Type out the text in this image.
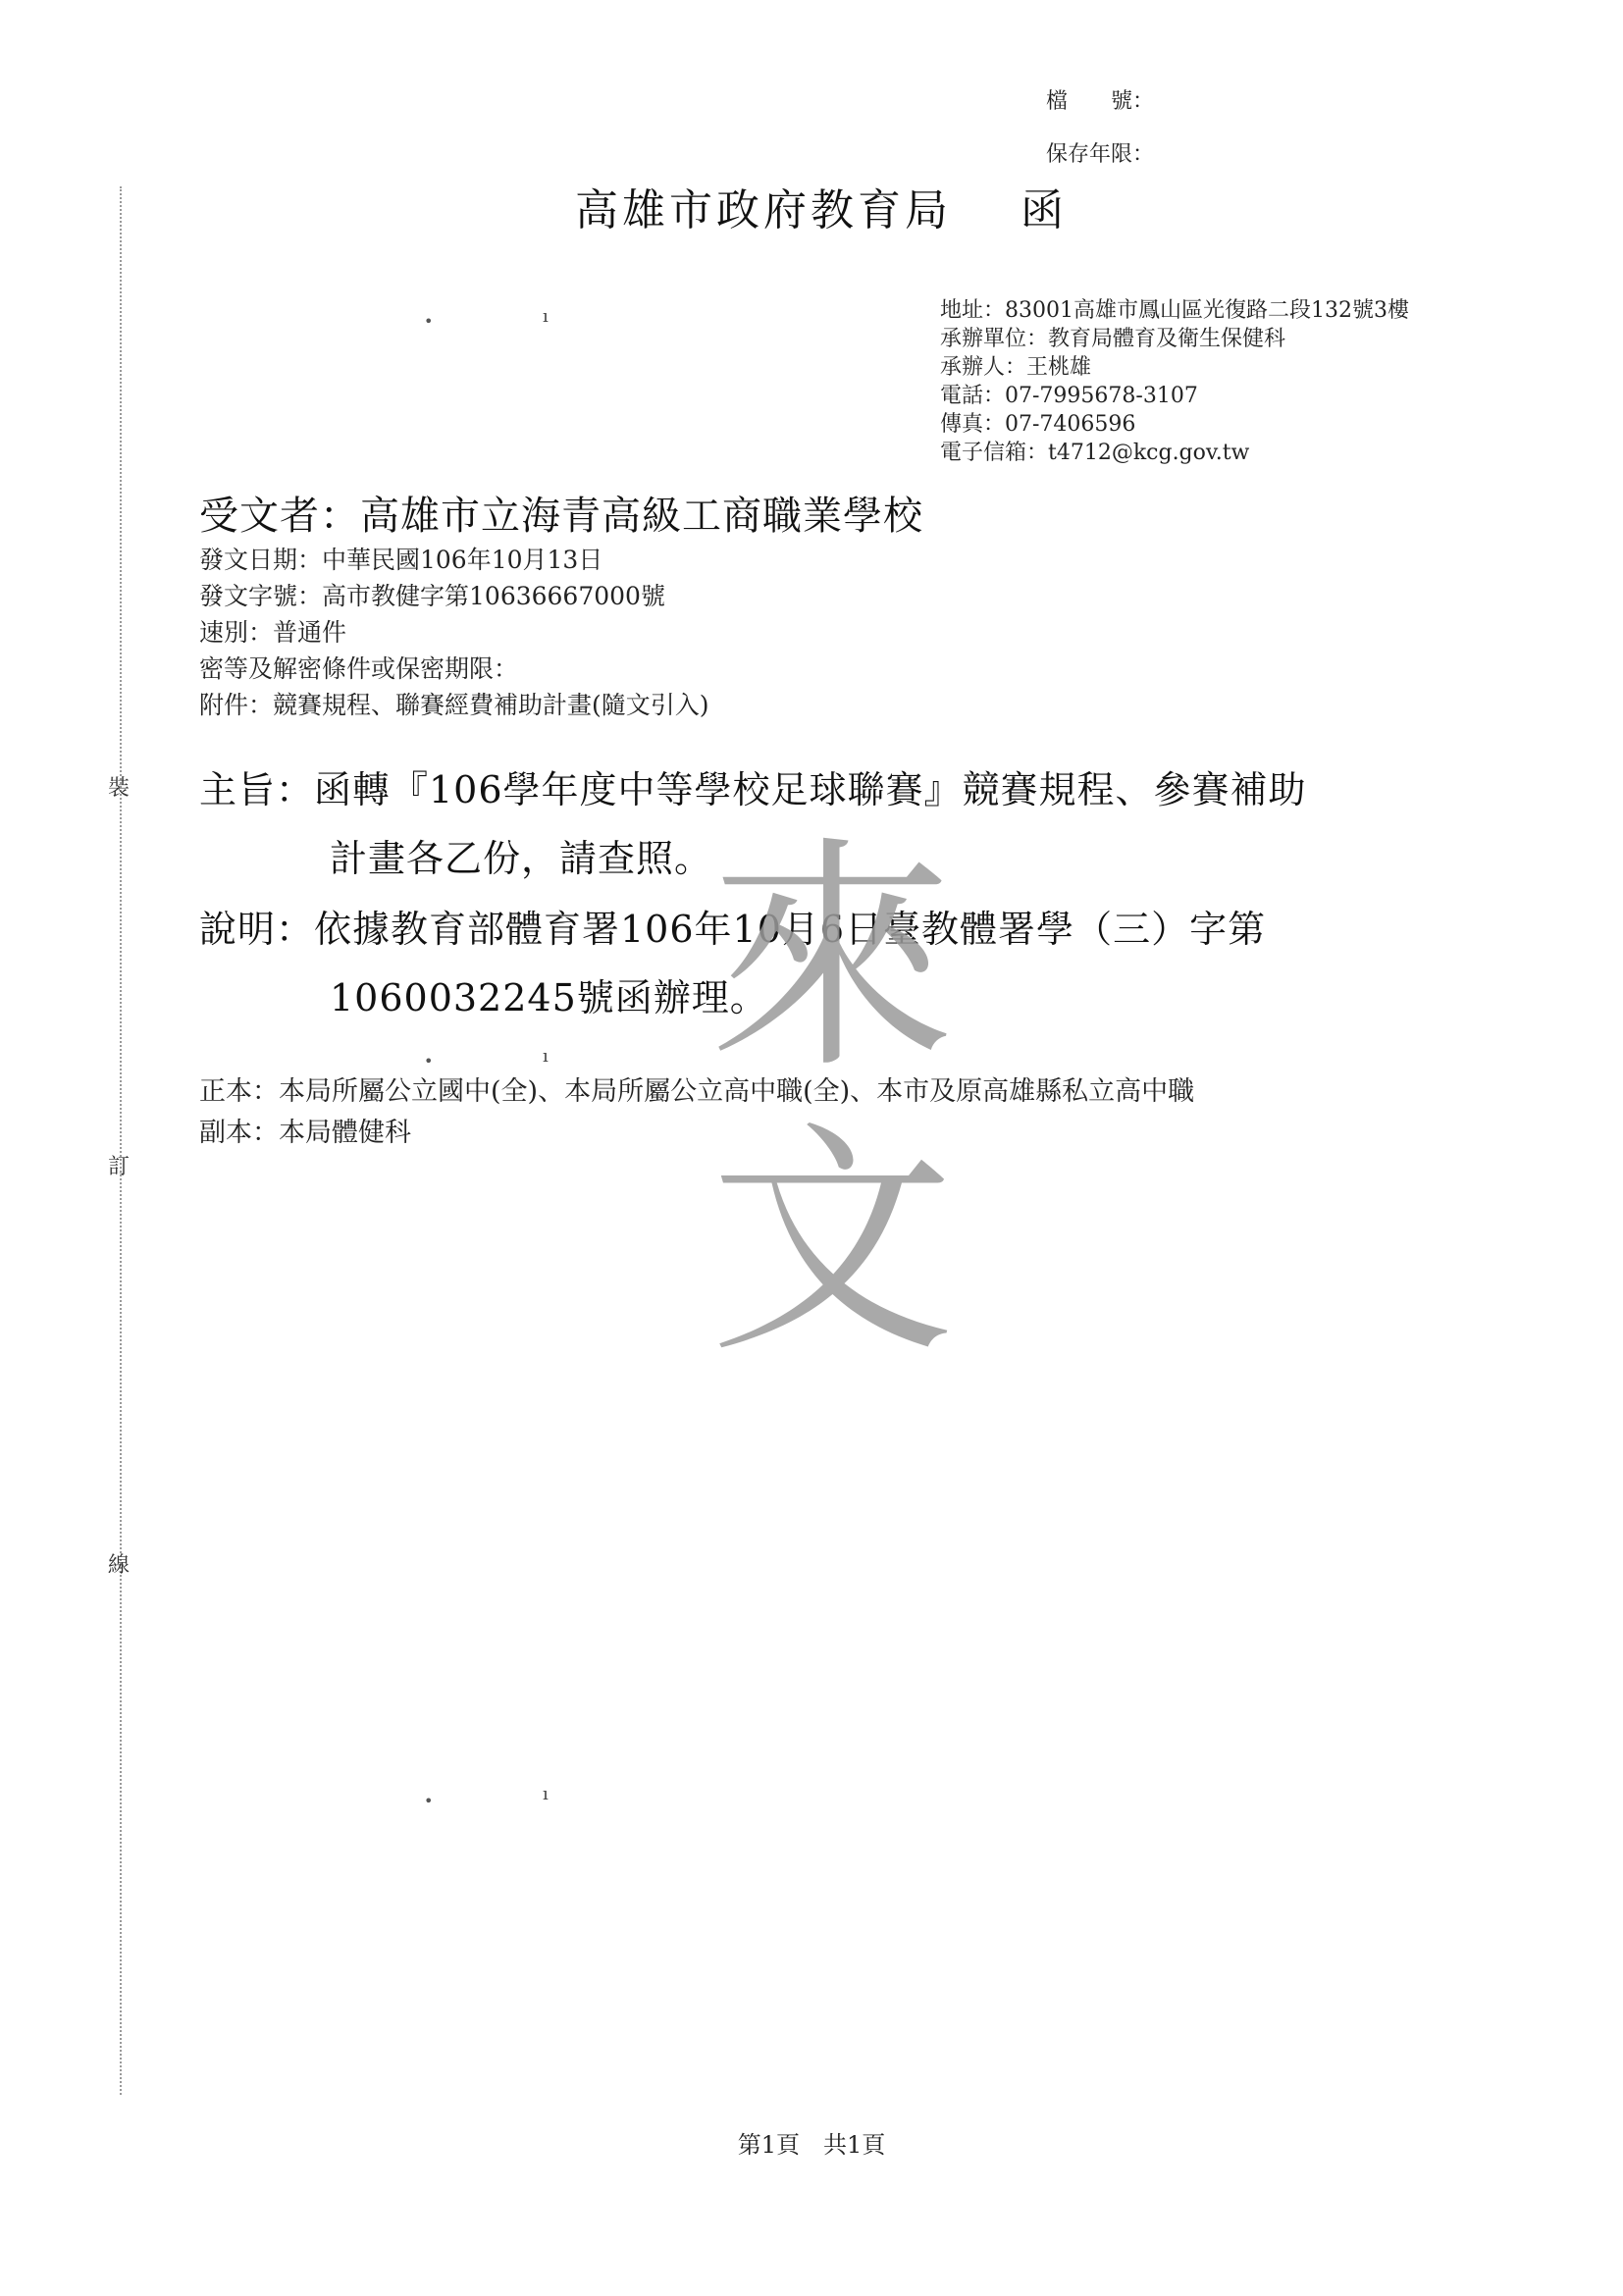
裝
訂
線
檔　　號：
保存年限：
高雄市政府教育局 函
•	ı
•	ı
•	ı
地址：83001高雄市鳳山區光復路二段132號3樓
承辦單位：教育局體育及衛生保健科
承辦人：王桃雄
電話：07-7995678-3107
傳真：07-7406596
電子信箱：t4712@kcg.gov.tw
受文者：高雄市立海青高級工商職業學校
發文日期：中華民國106年10月13日
發文字號：高市教健字第10636667000號
速別：普通件
密等及解密條件或保密期限：
附件：競賽規程、聯賽經費補助計畫(隨文引入)
主旨：函轉『106學年度中等學校足球聯賽』競賽規程、參賽補助
計畫各乙份，請查照。
說明：依據教育部體育署106年10月6日臺教體署學（三）字第
1060032245號函辦理。
來
文
正本：本局所屬公立國中(全)、本局所屬公立高中職(全)、本市及原高雄縣私立高中職
副本：本局體健科
第1頁　共1頁
